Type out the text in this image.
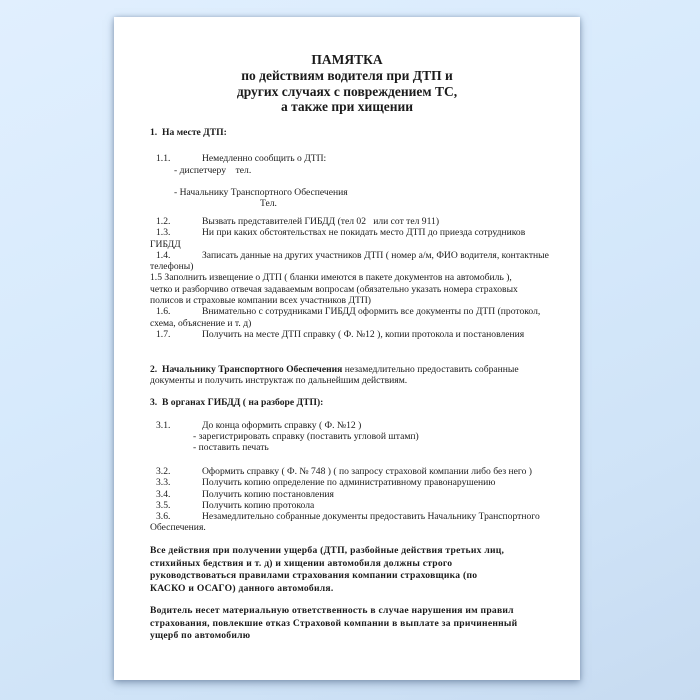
ПАМЯТКА
по действиям водителя при ДТП и
других случаях с повреждением ТС,
а также при хищении
1.  На месте ДТП:
1.1.	Немедленно сообщить о ДТП:
- диспетчеру    тел.
- Начальнику Транспортного Обеспечения
Тел.
1.2.	Вызвать представителей ГИБДД (тел 02   или сот тел 911)
1.3.	Ни при каких обстоятельствах не покидать место ДТП до приезда сотрудников
ГИБДД
1.4.	Записать данные на других участников ДТП ( номер а/м, ФИО водителя, контактные
телефоны)
1.5 Заполнить извещение о ДТП ( бланки имеются в пакете документов на автомобиль ),
четко и разборчиво отвечая задаваемым вопросам (обязательно указать номера страховых
полисов и страховые компании всех участников ДТП)
1.6.	Внимательно с сотрудниками ГИБДД оформить все документы по ДТП (протокол,
схема, объяснение и т. д)
1.7.	Получить на месте ДТП справку ( Ф. №12 ), копии протокола и постановления
2.  Начальнику Транспортного Обеспечения незамедлительно предоставить собранные
документы и получить инструктаж по дальнейшим действиям.
3.  В органах ГИБДД ( на разборе ДТП):
3.1.	До конца оформить справку ( Ф. №12 )
- зарегистрировать справку (поставить угловой штамп)
- поставить печать
3.2.	Оформить справку ( Ф. № 748 ) ( по запросу страховой компании либо без него )
3.3.	Получить копию определение по административному правонарушению
3.4.	Получить копию постановления
3.5.	Получить копию протокола
3.6.	Незамедлительно собранные документы предоставить Начальнику Транспортного
Обеспечения.
Все действия при получении ущерба (ДТП, разбойные действия третьих лиц,
стихийных бедствия и т. д) и хищении автомобиля должны строго
руководствоваться правилами страхования компании страховщика (по
КАСКО и ОСАГО) данного автомобиля.
Водитель несет материальную ответственность в случае нарушения им правил
страхования, повлекшие отказ Страховой компании в выплате за причиненный
ущерб по автомобилю
